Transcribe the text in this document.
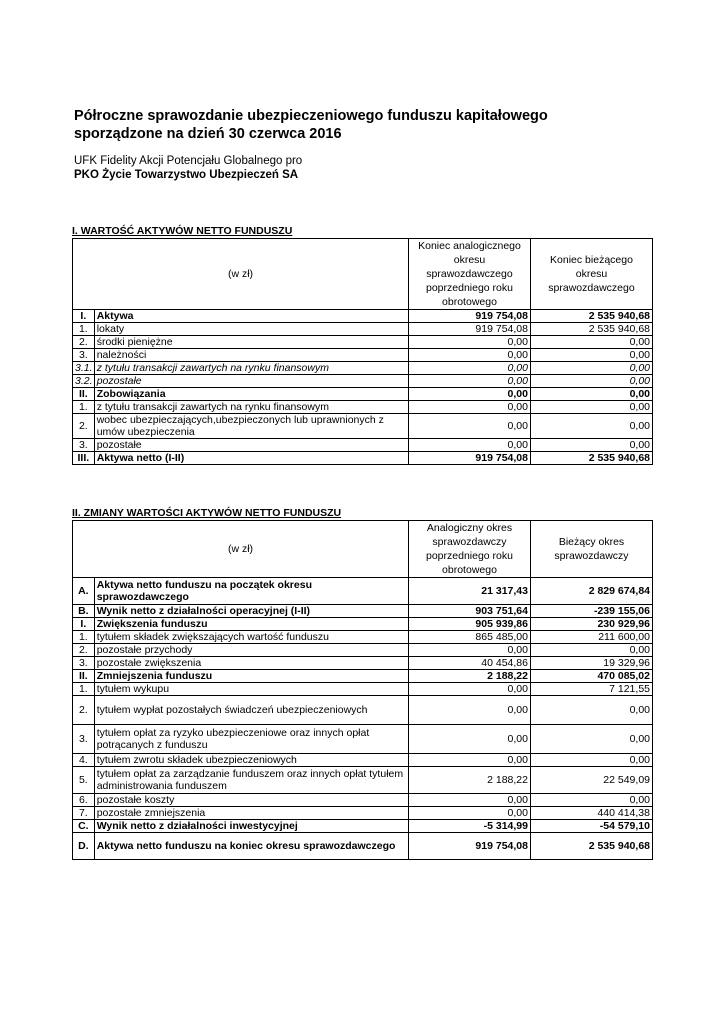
Półroczne sprawozdanie ubezpieczeniowego funduszu kapitałowego
sporządzone na dzień 30 czerwca 2016
UFK Fidelity Akcji Potencjału Globalnego pro
PKO Życie Towarzystwo Ubezpieczeń SA
I. WARTOŚĆ AKTYWÓW NETTO FUNDUSZU
(w zł)		Koniec analogicznego okresu sprawozdawczego poprzedniego roku obrotowego	Koniec bieżącego okresu sprawozdawczego
I.	Aktywa	919 754,08	2 535 940,68
1.	lokaty	919 754,08	2 535 940,68
2.	środki pieniężne	0,00	0,00
3.	należności	0,00	0,00
3.1.	z tytułu transakcji zawartych na rynku finansowym	0,00	0,00
3.2.	pozostałe	0,00	0,00
II.	Zobowiązania	0,00	0,00
1.	z tytułu transakcji zawartych na rynku finansowym	0,00	0,00
2.	wobec ubezpieczających,ubezpieczonych lub uprawnionych z umów ubezpieczenia	0,00	0,00
3.	pozostałe	0,00	0,00
III.	Aktywa netto (I-II)	919 754,08	2 535 940,68
II. ZMIANY WARTOŚCI AKTYWÓW NETTO FUNDUSZU
(w zł)		Analogiczny okres sprawozdawczy poprzedniego roku obrotowego	Bieżący okres sprawozdawczy
A.	Aktywa netto funduszu na początek okresu sprawozdawczego	21 317,43	2 829 674,84
B.	Wynik netto z działalności operacyjnej (I-II)	903 751,64	-239 155,06
I.	Zwiększenia funduszu	905 939,86	230 929,96
1.	tytułem składek zwiększających wartość funduszu	865 485,00	211 600,00
2.	pozostałe przychody	0,00	0,00
3.	pozostałe zwiększenia	40 454,86	19 329,96
II.	Zmniejszenia funduszu	2 188,22	470 085,02
1.	tytułem wykupu	0,00	7 121,55
2.	tytułem wypłat pozostałych świadczeń ubezpieczeniowych	0,00	0,00
3.	tytułem opłat za ryzyko ubezpieczeniowe oraz innych opłat potrącanych z funduszu	0,00	0,00
4.	tytułem zwrotu składek ubezpieczeniowych	0,00	0,00
5.	tytułem opłat za zarządzanie funduszem oraz innych opłat tytułem administrowania funduszem	2 188,22	22 549,09
6.	pozostałe koszty	0,00	0,00
7.	pozostałe zmniejszenia	0,00	440 414,38
C.	Wynik netto z działalności inwestycyjnej	-5 314,99	-54 579,10
D.	Aktywa netto funduszu na koniec okresu sprawozdawczego	919 754,08	2 535 940,68
